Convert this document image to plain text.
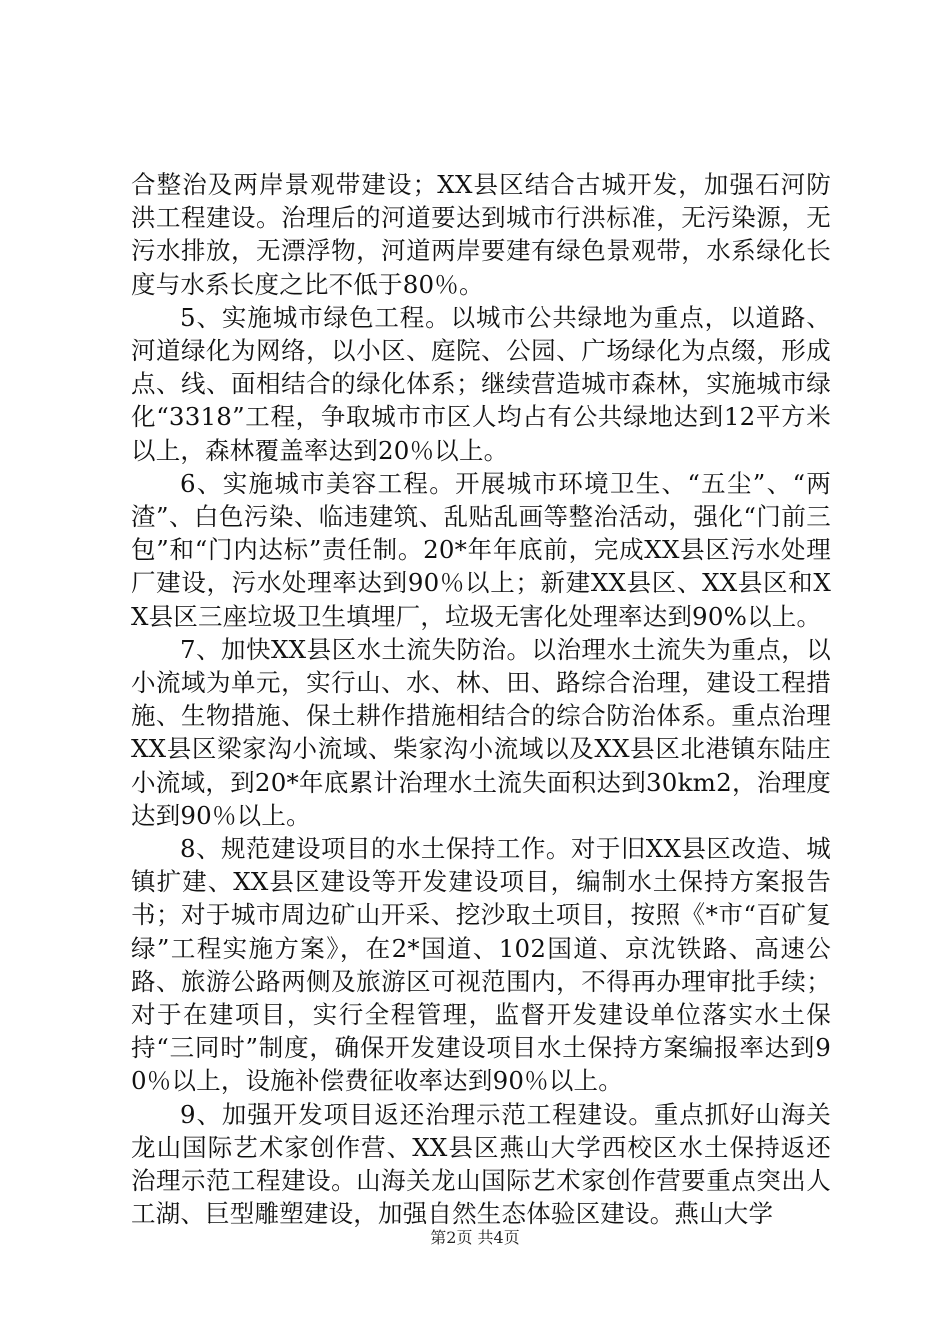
合整治及两岸景观带建设；XX县区结合古城开发，加强石河防洪工程建设。治理后的河道要达到城市行洪标准，无污染源，无污水排放，无漂浮物，河道两岸要建有绿色景观带，水系绿化长度与水系长度之比不低于80％。

5、实施城市绿色工程。以城市公共绿地为重点，以道路、河道绿化为网络，以小区、庭院、公园、广场绿化为点缀，形成点、线、面相结合的绿化体系；继续营造城市森林，实施城市绿化“3318”工程，争取城市市区人均占有公共绿地达到12平方米以上，森林覆盖率达到20％以上。

6、实施城市美容工程。开展城市环境卫生、“五尘”、“两渣”、白色污染、临违建筑、乱贴乱画等整治活动，强化“门前三包”和“门内达标”责任制。20*年年底前，完成XX县区污水处理厂建设，污水处理率达到90％以上；新建XX县区、XX县区和XX县区三座垃圾卫生填埋厂，垃圾无害化处理率达到90%以上。

7、加快XX县区水土流失防治。以治理水土流失为重点，以小流域为单元，实行山、水、林、田、路综合治理，建设工程措施、生物措施、保土耕作措施相结合的综合防治体系。重点治理XX县区梁家沟小流域、柴家沟小流域以及XX县区北港镇东陆庄小流域，到20*年底累计治理水土流失面积达到30km2，治理度达到90％以上。

8、规范建设项目的水土保持工作。对于旧XX县区改造、城镇扩建、XX县区建设等开发建设项目，编制水土保持方案报告书；对于城市周边矿山开采、挖沙取土项目，按照《*市“百矿复绿”工程实施方案》，在2*国道、102国道、京沈铁路、高速公路、旅游公路两侧及旅游区可视范围内，不得再办理审批手续；对于在建项目，实行全程管理，监督开发建设单位落实水土保持“三同时”制度，确保开发建设项目水土保持方案编报率达到90％以上，设施补偿费征收率达到90％以上。

9、加强开发项目返还治理示范工程建设。重点抓好山海关龙山国际艺术家创作营、XX县区燕山大学西校区水土保持返还治理示范工程建设。山海关龙山国际艺术家创作营要重点突出人工湖、巨型雕塑建设，加强自然生态体验区建设。燕山大学

第2页 共4页
